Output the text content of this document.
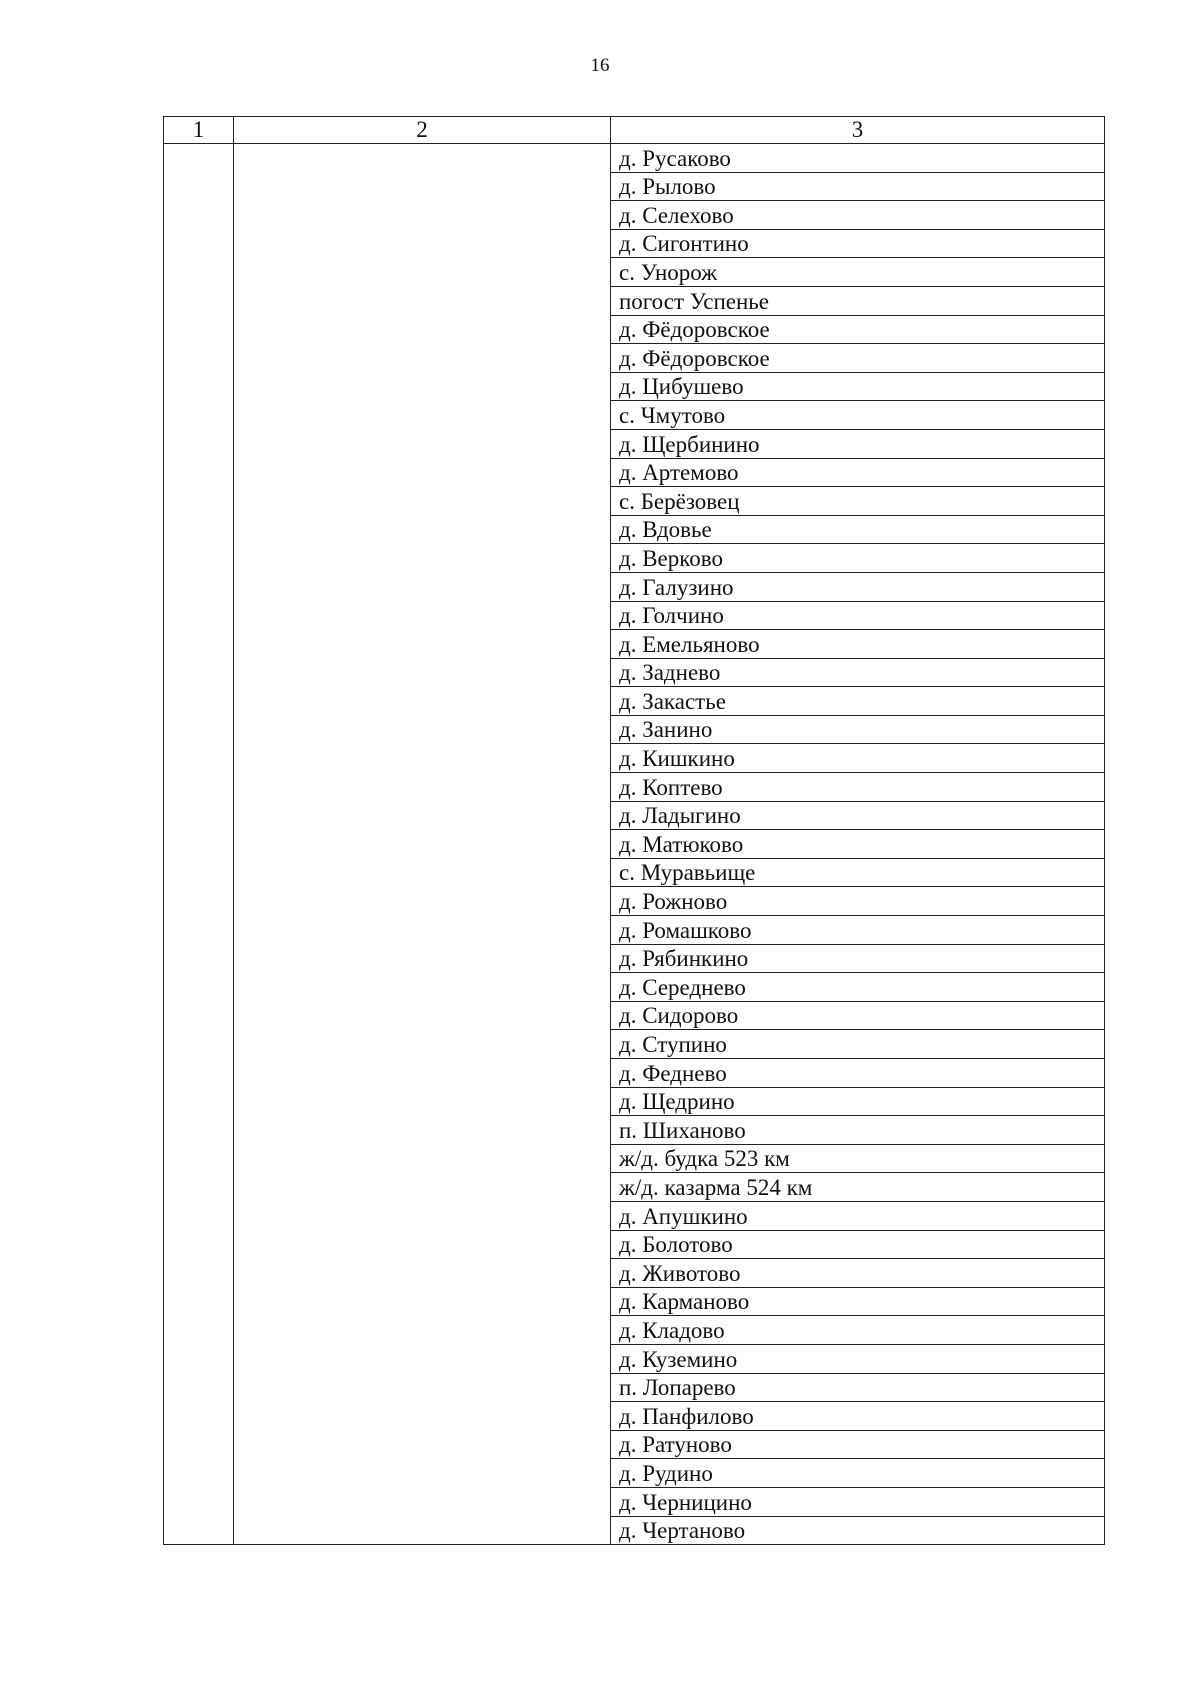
16
1	2	3
		д. Русаково
		д. Рылово
		д. Селехово
		д. Сигонтино
		с. Унорож
		погост Успенье
		д. Фёдоровское
		д. Фёдоровское
		д. Цибушево
		с. Чмутово
		д. Щербинино
		д. Артемово
		с. Берёзовец
		д. Вдовье
		д. Верково
		д. Галузино
		д. Голчино
		д. Емельяново
		д. Заднево
		д. Закастье
		д. Занино
		д. Кишкино
		д. Коптево
		д. Ладыгино
		д. Матюково
		с. Муравьище
		д. Рожново
		д. Ромашково
		д. Рябинкино
		д. Середнево
		д. Сидорово
		д. Ступино
		д. Феднево
		д. Щедрино
		п. Шиханово
		ж/д. будка 523 км
		ж/д. казарма 524 км
		д. Апушкино
		д. Болотово
		д. Животово
		д. Карманово
		д. Кладово
		д. Куземино
		п. Лопарево
		д. Панфилово
		д. Ратуново
		д. Рудино
		д. Черницино
		д. Чертаново
